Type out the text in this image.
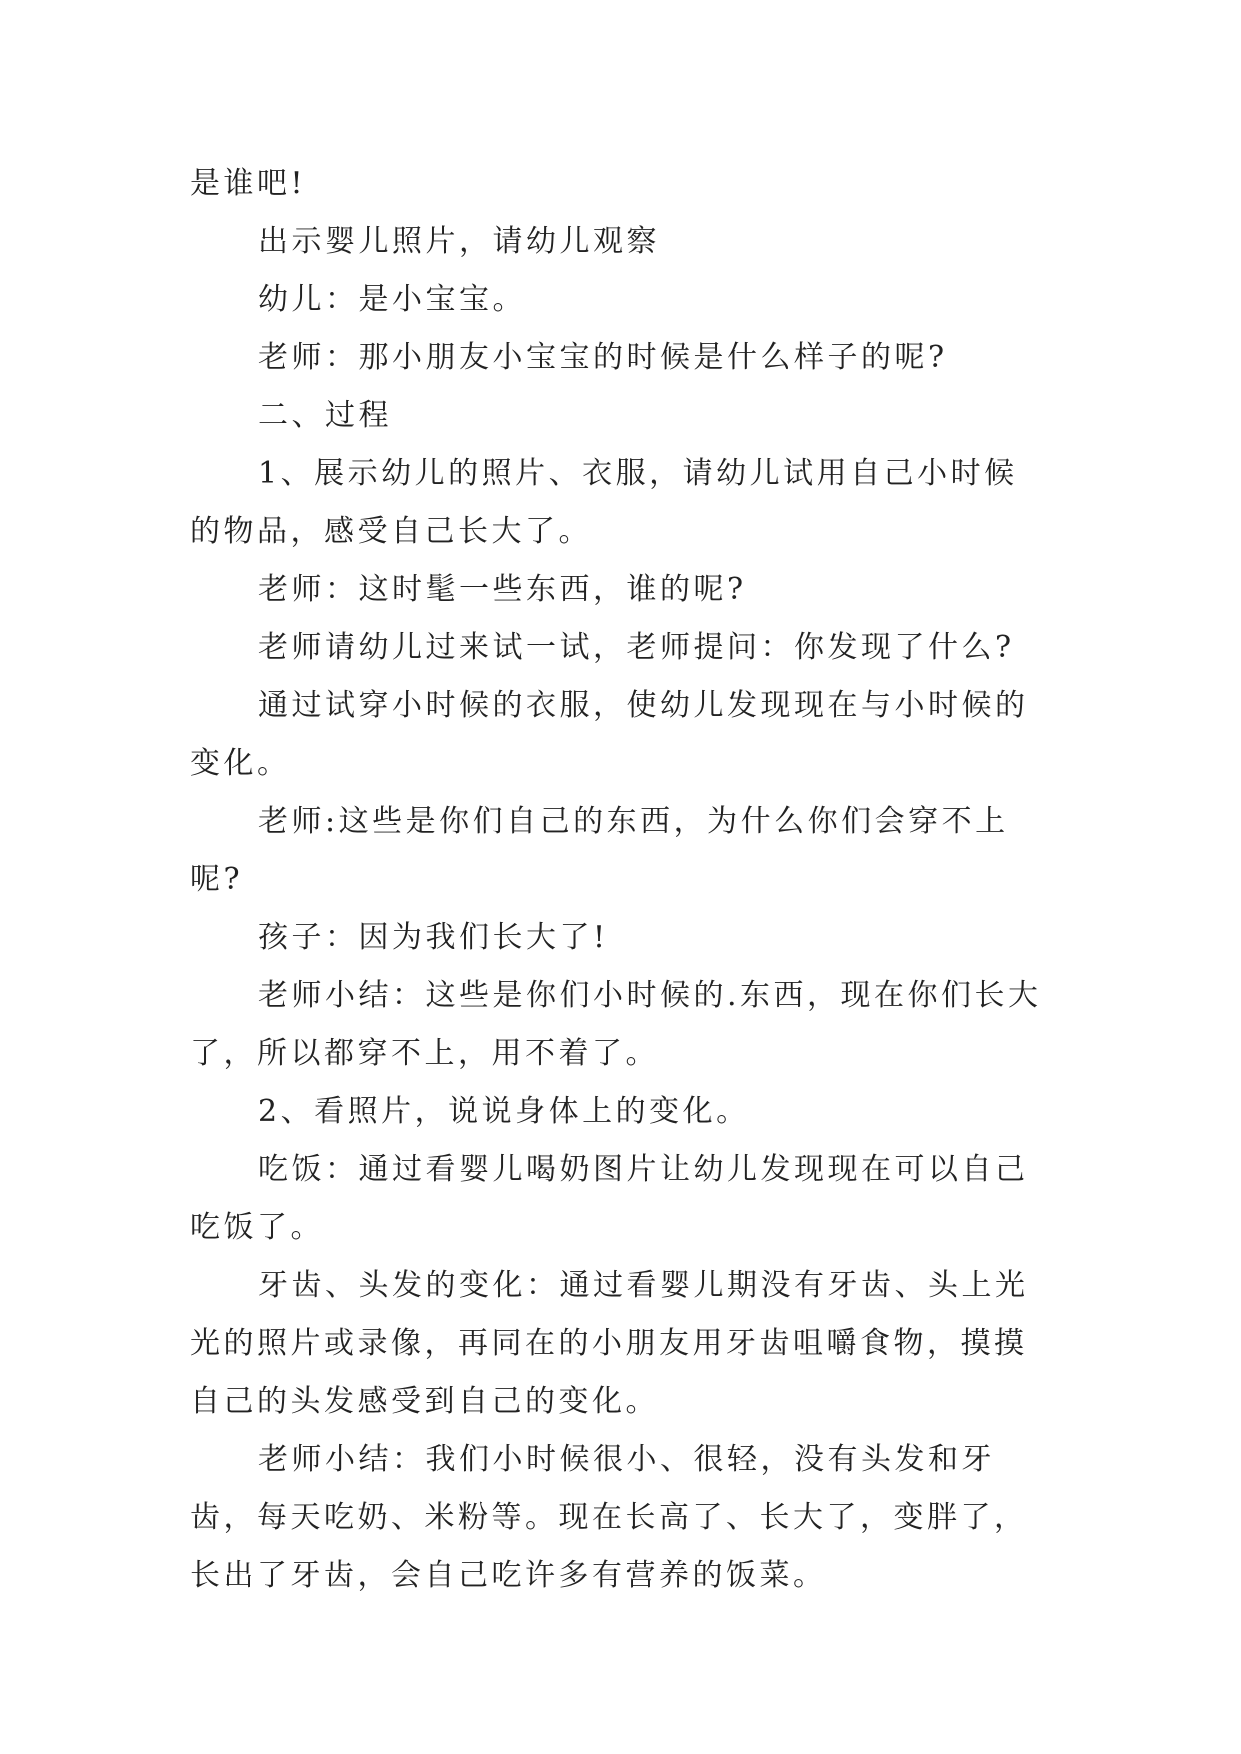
是谁吧!

出示婴儿照片，请幼儿观察

幼儿：是小宝宝。

老师：那小朋友小宝宝的时候是什么样子的呢?

二、过程

1、展示幼儿的照片、衣服，请幼儿试用自己小时候的物品，感受自己长大了。

老师：这时髦一些东西，谁的呢?

老师请幼儿过来试一试，老师提问：你发现了什么?

通过试穿小时候的衣服，使幼儿发现现在与小时候的变化。

老师:这些是你们自己的东西，为什么你们会穿不上呢?

孩子：因为我们长大了!

老师小结：这些是你们小时候的.东西，现在你们长大了，所以都穿不上，用不着了。

2、看照片，说说身体上的变化。

吃饭：通过看婴儿喝奶图片让幼儿发现现在可以自己吃饭了。

牙齿、头发的变化：通过看婴儿期没有牙齿、头上光光的照片或录像，再同在的小朋友用牙齿咀嚼食物，摸摸自己的头发感受到自己的变化。

老师小结：我们小时候很小、很轻，没有头发和牙齿，每天吃奶、米粉等。现在长高了、长大了，变胖了，长出了牙齿，会自己吃许多有营养的饭菜。
